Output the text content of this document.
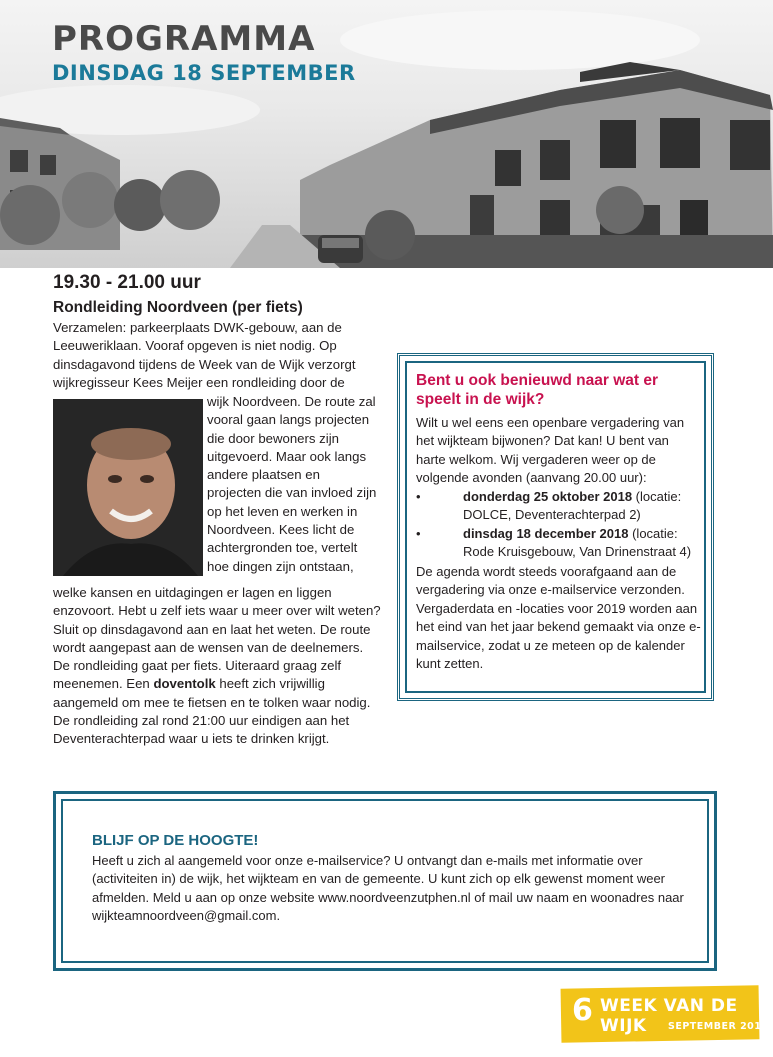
PROGRAMMA
DINSDAG 18 SEPTEMBER
19.30 - 21.00 uur
Rondleiding Noordveen (per fiets)

Verzamelen: parkeerplaats DWK-gebouw, aan de Leeuweriklaan. Vooraf opgeven is niet nodig. Op dinsdagavond tijdens de Week van de Wijk verzorgt wijkregisseur Kees Meijer een rondleiding door de

wijk Noordveen. De route zal vooral gaan langs projecten die door bewoners zijn uitgevoerd. Maar ook langs andere plaatsen en projecten die van invloed zijn op het leven en werken in Noordveen. Kees licht de achtergronden toe, vertelt hoe dingen zijn ontstaan,

welke kansen en uitdagingen er lagen en liggen enzovoort. Hebt u zelf iets waar u meer over wilt weten? Sluit op dinsdagavond aan en laat het weten. De route wordt aangepast aan de wensen van de deelnemers. De rondleiding gaat per fiets. Uiteraard graag zelf meenemen. Een doventolk heeft zich vrijwillig aangemeld om mee te fietsen en te tolken waar nodig. De rondleiding zal rond 21:00 uur eindigen aan het Deventerachterpad waar u iets te drinken krijgt.

Bent u ook benieuwd naar wat er speelt in de wijk?

Wilt u wel eens een openbare vergadering van het wijkteam bijwonen? Dat kan! U bent van harte welkom. Wij vergaderen weer op de volgende avonden (aanvang 20.00 uur):

•	donderdag 25 oktober 2018 (locatie: DOLCE, Deventerachterpad 2)

•	dinsdag 18 december 2018 (locatie: Rode Kruisgebouw, Van Drinenstraat 4)

De agenda wordt steeds voorafgaand aan de vergadering via onze e-mailservice verzonden. Vergaderdata en -locaties voor 2019 worden aan het eind van het jaar bekend gemaakt via onze e-mailservice, zodat u ze meteen op de kalender kunt zetten.

BLIJF OP DE HOOGTE!

Heeft u zich al aangemeld voor onze e-mailservice? U ontvangt dan e-mails met informatie over (activiteiten in) de wijk, het wijkteam en van de gemeente. U kunt zich op elk gewenst moment weer afmelden. Meld u aan op onze website www.noordveenzutphen.nl of mail uw naam en woonadres naar wijkteamnoordveen@gmail.com.

6 WEEK VAN DE WIJK	SEPTEMBER 2018
